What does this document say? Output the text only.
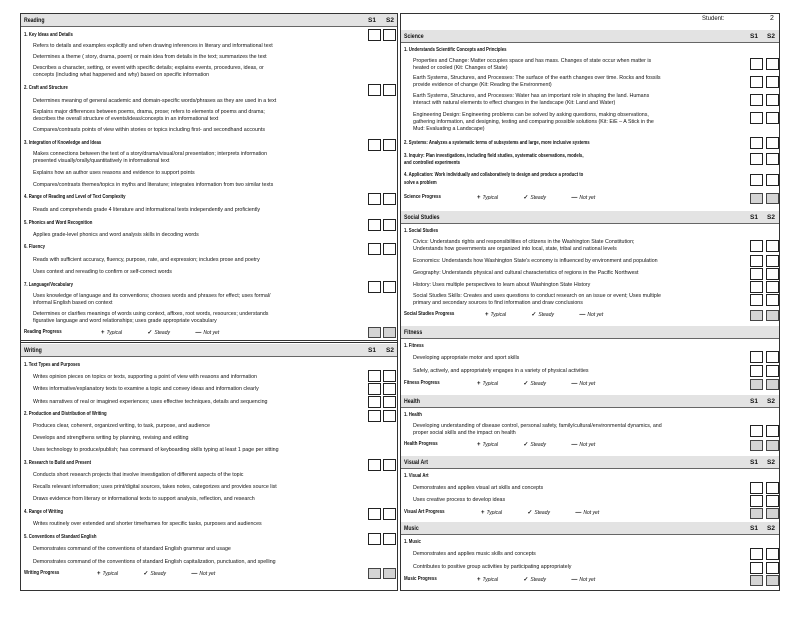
Student:	2
Reading	S1 S2
1. Key Ideas and Details
Refers to details and examples explicitly and when drawing inferences in literary and informational text
Determines a theme ( story, drama, poem) or main idea from details in the text; summarizes the text
Describes a character, setting, or event with specific details; explains events, procedures, ideas, or
concepts (including what happened and why) based on specific information
2. Craft and Structure
Determines meaning of general academic and domain-specific words/phrases as they are used in a text
Explains major differences between poems, drama, prose; refers to elements of poems and drama;
describes the overall structure of events/ideas/concepts in an informational text
Compares/contrasts points of view within stories or topics including first- and secondhand accounts
3. Integration of Knowledge and Ideas
Makes connections between the text of a story/drama/visual/oral presentation; interprets information
presented visually/orally/quantitatively in informational text
Explains how an author uses reasons and evidence to support points
Compares/contrasts themes/topics in myths and literature; integrates information from two similar texts
4. Range of Reading and Level of Text Complexity
Reads and comprehends grade 4 literature and informational texts independently and proficiently
5. Phonics and Word Recognition
Applies grade-level phonics and word analysis skills in decoding words
6. Fluency
Reads with sufficient accuracy, fluency, purpose, rate, and expression; includes prose and poetry
Uses context and rereading to confirm or self-correct words
7. Language/Vocabulary
Uses knowledge of language and its conventions; chooses words and phrases for effect; uses formal/
informal English based on context
Determines or clarifies meanings of words using context, affixes, root words, resources; understands
figurative language and word relationships; uses grade appropriate vocabulary
Reading Progress	+ Typical	✓ Steady	— Not yet
Writing	S1 S2
1. Text Types and Purposes
Writes opinion pieces on topics or texts, supporting a point of view with reasons and information
Writes informative/explanatory texts to examine a topic and convey ideas and information clearly
Writes narratives of real or imagined experiences; uses effective techniques, details and sequencing
2. Production and Distribution of Writing
Produces clear, coherent, organized writing, to task, purpose, and audience
Develops and strengthens writing by planning, revising and editing
Uses technology to produce/publish; has command of keyboarding skills typing at least 1 page per sitting
3. Research to Build and Present
Conducts short research projects that involve investigation of different aspects of the topic
Recalls relevant information; uses print/digital sources, takes notes, categorizes and provides source list
Draws evidence from literary or informational texts to support analysis, reflection, and research
4. Range of Writing
Writes routinely over extended and shorter timeframes for specific tasks, purposes and audiences
5. Conventions of Standard English
Demonstrates command of the conventions of standard English grammar and usage
Demonstrates command of the conventions of standard English capitalization, punctuation, and spelling
Writing Progress	+ Typical	✓ Steady	— Not yet
Science	S1 S2
1. Understands Scientific Concepts and Principles
Properties and Change: Matter occupies space and has mass. Changes of state occur when matter is
heated or cooled (Kit: Changes of State)
Earth Systems, Structures, and Processes: The surface of the earth changes over time. Rocks and fossils
provide evidence of change (Kit: Reading the Environment)
Earth Systems, Structures, and Processes: Water has an important role in shaping the land. Humans
interact with natural elements to effect changes in the landscape (Kit: Land and Water)
Engineering Design: Engineering problems can be solved by asking questions, making observations,
gathering information, and designing, testing and comparing possible solutions (Kit: EiE – A Stick in the
Mud: Evaluating a Landscape)
2. Systems: Analyzes a systematic terms of subsystems and large, more inclusive systems
3. Inquiry: Plan investigations, including field studies, systematic observations, models,
and controlled experiments
4. Application: Work individually and collaboratively to design and produce a product to
solve a problem
Science Progress	+ Typical	✓ Steady	— Not yet
Social Studies	S1 S2
1. Social Studies
Civics: Understands rights and responsibilities of citizens in the Washington State Constitution;
Understands how governments are organized into local, state, tribal and national levels
Economics: Understands how Washington State's economy is influenced by environment and population
Geography: Understands physical and cultural characteristics of regions in the Pacific Northwest
History: Uses multiple perspectives to learn about Washington State History
Social Studies Skills: Creates and uses questions to conduct research on an issue or event; Uses multiple
primary and secondary sources to find information and draw conclusions
Social Studies Progress	+ Typical	✓ Steady	— Not yet
Fitness
1. Fitness
Developing appropriate motor and sport skills
Safely, actively, and appropriately engages in a variety of physical activities
Fitness Progress	+ Typical	✓ Steady	— Not yet
Health	S1 S2
1. Health
Developing understanding of disease control, personal safety, family/cultural/environmental dynamics, and
proper social skills and the impact on health
Health Progress	+ Typical	✓ Steady	— Not yet
Visual Art	S1 S2
1. Visual Art
Demonstrates and applies visual art skills and concepts
Uses creative process to develop ideas
Visual Art Progress	+ Typical	✓ Steady	— Not yet
Music	S1 S2
1. Music
Demonstrates and applies music skills and concepts
Contributes to positive group activities by participating appropriately
Music Progress	+ Typical	✓ Steady	— Not yet
